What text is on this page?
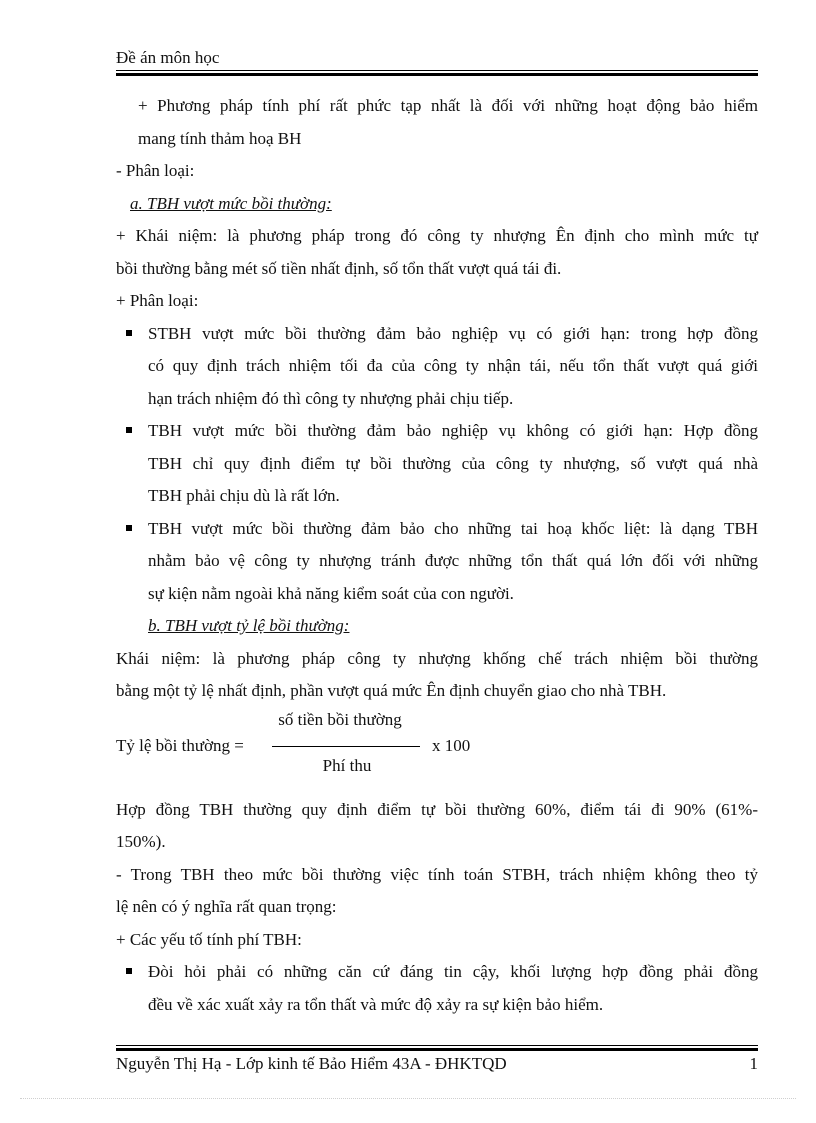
Đề án môn học

+ Phương pháp tính phí rất phức tạp nhất là đối với những hoạt động bảo hiểm

mang tính thảm hoạ BH

- Phân loại:

a. TBH vượt mức bồi thường:

+ Khái niệm: là phương pháp trong đó công ty nhượng Ên định cho mình mức tự

bồi thường bằng mét số tiền nhất định, số tổn thất vượt quá tái đi.

+ Phân loại:

STBH vượt mức bồi thường đảm bảo nghiệp vụ có giới hạn: trong hợp đồng
có quy định trách nhiệm tối đa của công ty nhận tái, nếu tổn thất vượt quá giới
hạn trách nhiệm đó thì công ty nhượng phải chịu tiếp.
TBH vượt mức bồi thường đảm bảo nghiệp vụ không có giới hạn: Hợp đồng
TBH chỉ quy định điểm tự bồi thường của công ty nhượng, số vượt quá nhà
TBH phải chịu dù là rất lớn.
TBH vượt mức bồi thường đảm bảo cho những tai hoạ khốc liệt: là dạng TBH
nhằm bảo vệ công ty nhượng tránh được những tổn thất quá lớn đối với những
sự kiện nằm ngoài khả năng kiểm soát của con người.

b. TBH vượt tỷ lệ bồi thường:

Khái niệm: là phương pháp công ty nhượng khống chế trách nhiệm bồi thường

bằng một tỷ lệ nhất định, phần vượt quá mức Ên định chuyển giao cho nhà TBH.

Tỷ lệ bồi thường =
số tiền bồi thường
Phí thu
x 100

Hợp đồng TBH thường quy định điểm tự bồi thường 60%, điểm tái đi 90% (61%-

150%).

- Trong TBH theo mức bồi thường việc tính toán STBH, trách nhiệm không theo tỷ

lệ nên có ý nghĩa rất quan trọng:

+ Các yếu tố tính phí TBH:

Đòi hỏi phải có những căn cứ đáng tin cậy, khối lượng hợp đồng phải đồng
đều về xác xuất xảy ra tổn thất và mức độ xảy ra sự kiện bảo hiểm.
Nguyễn Thị Hạ - Lớp kinh tế Bảo Hiểm 43A - ĐHKTQD	1
